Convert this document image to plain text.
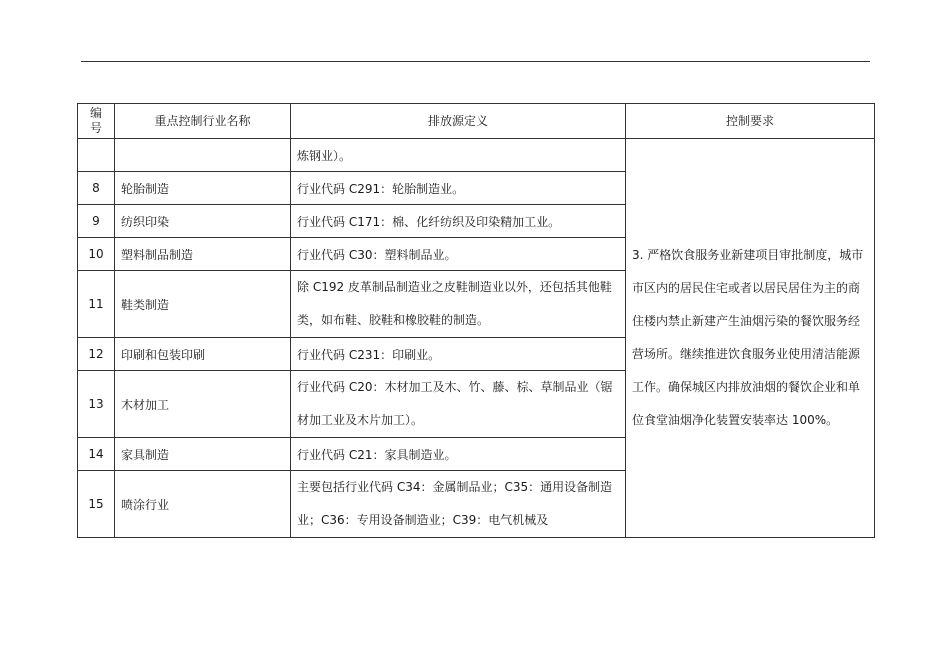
编号	重点控制行业名称	排放源定义	控制要求
		炼钢业）。	3. 严格饮食服务业新建项目审批制度，城市市区内的居民住宅或者以居民居住为主的商住楼内禁止新建产生油烟污染的餐饮服务经营场所。继续推进饮食服务业使用清洁能源工作。确保城区内排放油烟的餐饮企业和单位食堂油烟净化装置安装率达 100%。
8	轮胎制造	行业代码 C291：轮胎制造业。	
9	纺织印染	行业代码 C171：棉、化纤纺织及印染精加工业。	
10	塑料制品制造	行业代码 C30：塑料制品业。	
11	鞋类制造	除 C192 皮革制品制造业之皮鞋制造业以外，还包括其他鞋类，如布鞋、胶鞋和橡胶鞋的制造。	
12	印刷和包装印刷	行业代码 C231：印刷业。	
13	木材加工	行业代码 C20：木材加工及木、竹、藤、棕、草制品业（锯材加工业及木片加工）。	
14	家具制造	行业代码 C21：家具制造业。	
15	喷涂行业	主要包括行业代码 C34：金属制品业；C35：通用设备制造业；C36：专用设备制造业；C39：电气机械及	
